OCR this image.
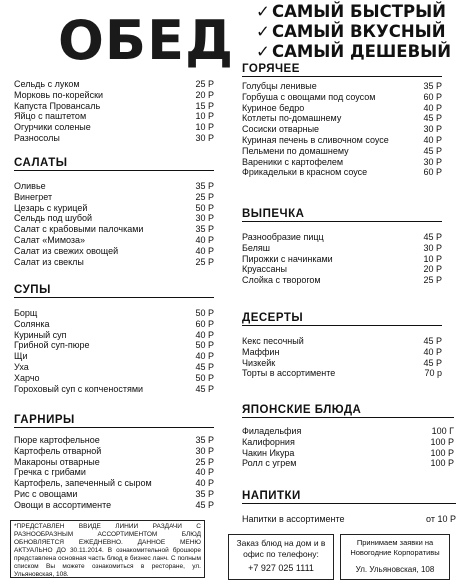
ОБЕД ✓ САМЫЙ БЫСТРЫЙ
✓ САМЫЙ ВКУСНЫЙ
✓ САМЫЙ ДЕШЕВЫЙ
Сельдь с луком	25 Р
Морковь по-корейски	20 Р
Капуста Провансаль	15 Р
Яйцо с паштетом	10 Р
Огурчики соленые	10 Р
Разносолы	30 Р
САЛАТЫ
Оливье	35 Р
Винегрет	25 Р
Цезарь с курицей	50 Р
Сельдь под шубой	30 Р
Салат с крабовыми палочками	35 Р
Салат «Мимоза»	40 Р
Салат из свежих овощей	40 Р
Салат из свеклы	25 Р
СУПЫ
Борщ	50 Р
Солянка	60 Р
Куриный суп	40 Р
Грибной суп-пюре	50 Р
Щи	40 Р
Уха	45 Р
Харчо	50 Р
Гороховый суп с копченостями	45 Р
ГАРНИРЫ
Пюре картофельное	35 Р
Картофель отварной	30 Р
Макароны отварные	25 Р
Гречка с грибами	40 Р
Картофель, запеченный с сыром	40 Р
Рис с овощами	35 Р
Овощи в ассортименте	45 Р
ГОРЯЧЕЕ
Голубцы ленивые	35 Р
Горбуша с овощами под соусом	60 Р
Куриное бедро	40 Р
Котлеты по-домашнему	45 Р
Сосиски отварные	30 Р
Куриная печень в сливочном соусе	40 Р
Пельмени по домашнему	45 Р
Вареники с картофелем	30 Р
Фрикадельки в красном соусе	60 Р
ВЫПЕЧКА
Разнообразие пицц	45 Р
Беляш	30 Р
Пирожки с начинками	10 Р
Круассаны	20 Р
Слойка с творогом	25 Р
ДЕСЕРТЫ
Кекс песочный	45 Р
Маффин	40 Р
Чизкейк	45 Р
Торты в ассортименте	70 р
ЯПОНСКИЕ БЛЮДА
Филадельфия	100 Г
Калифорния	100 Р
Чакин Икура	100 Р
Ролл с угрем	100 Р
НАПИТКИ
Напитки в ассортименте	от 10 Р
*ПРЕДСТАВЛЕН ВВИДЕ ЛИНИИ РАЗДАЧИ С РАЗНООБРАЗНЫМ АССОРТИМЕНТОМ БЛЮД ОБНОВЛЯЕТСЯ ЕЖЕДНЕВНО. ДАННОЕ МЕНЮ АКТУАЛЬНО ДО 30.11.2014. В ознакомительной брошюре представлена основная часть блюд в бизнес ланч. С полным списком Вы можете ознакомиться в ресторане, ул. Ульяновская, 108.
Заказ блюд на дом и в
офис по телефону:
+7 927 025 1111
Принимаем заявки на
Новогодние Корпоративы
Ул. Ульяновская, 108
